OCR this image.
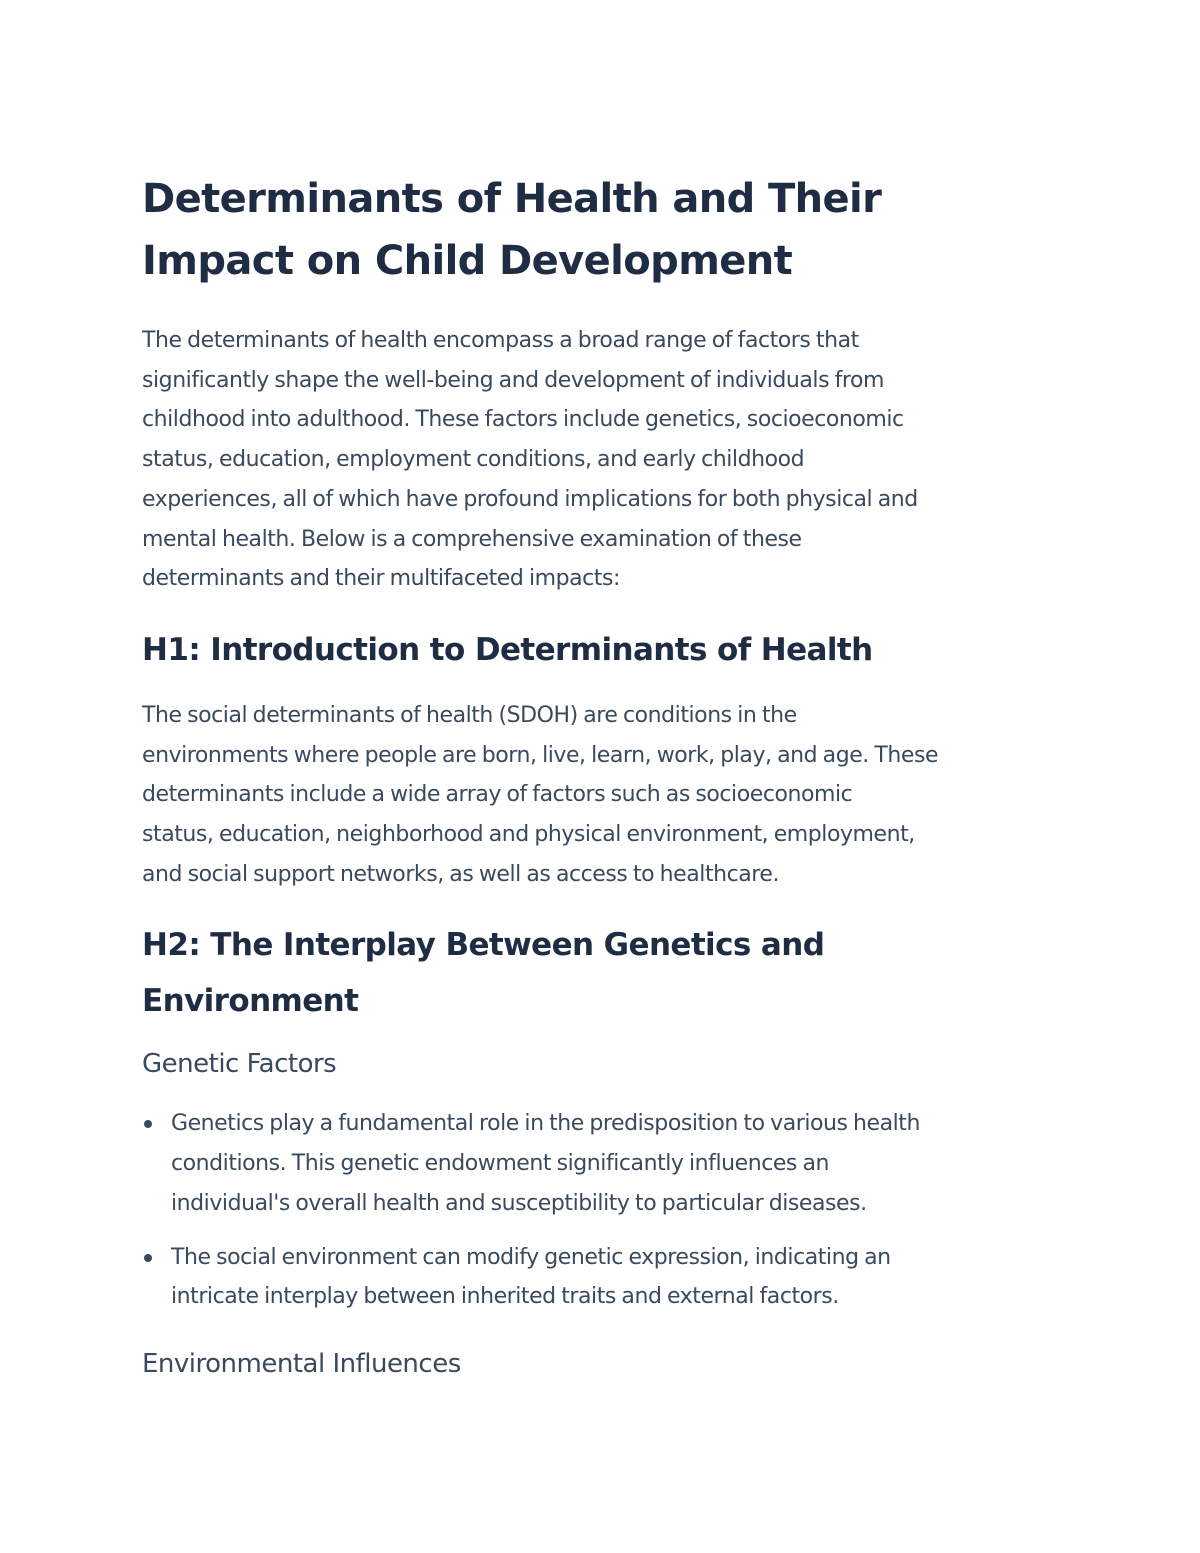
Determinants of Health and Their
Impact on Child Development

The determinants of health encompass a broad range of factors that
significantly shape the well-being and development of individuals from
childhood into adulthood. These factors include genetics, socioeconomic
status, education, employment conditions, and early childhood
experiences, all of which have profound implications for both physical and
mental health. Below is a comprehensive examination of these
determinants and their multifaceted impacts:

H1: Introduction to Determinants of Health

The social determinants of health (SDOH) are conditions in the
environments where people are born, live, learn, work, play, and age. These
determinants include a wide array of factors such as socioeconomic
status, education, neighborhood and physical environment, employment,
and social support networks, as well as access to healthcare.

H2: The Interplay Between Genetics and
Environment
Genetic Factors
Genetics play a fundamental role in the predisposition to various health
conditions. This genetic endowment significantly influences an
individual's overall health and susceptibility to particular diseases.
The social environment can modify genetic expression, indicating an
intricate interplay between inherited traits and external factors.
Environmental Influences
